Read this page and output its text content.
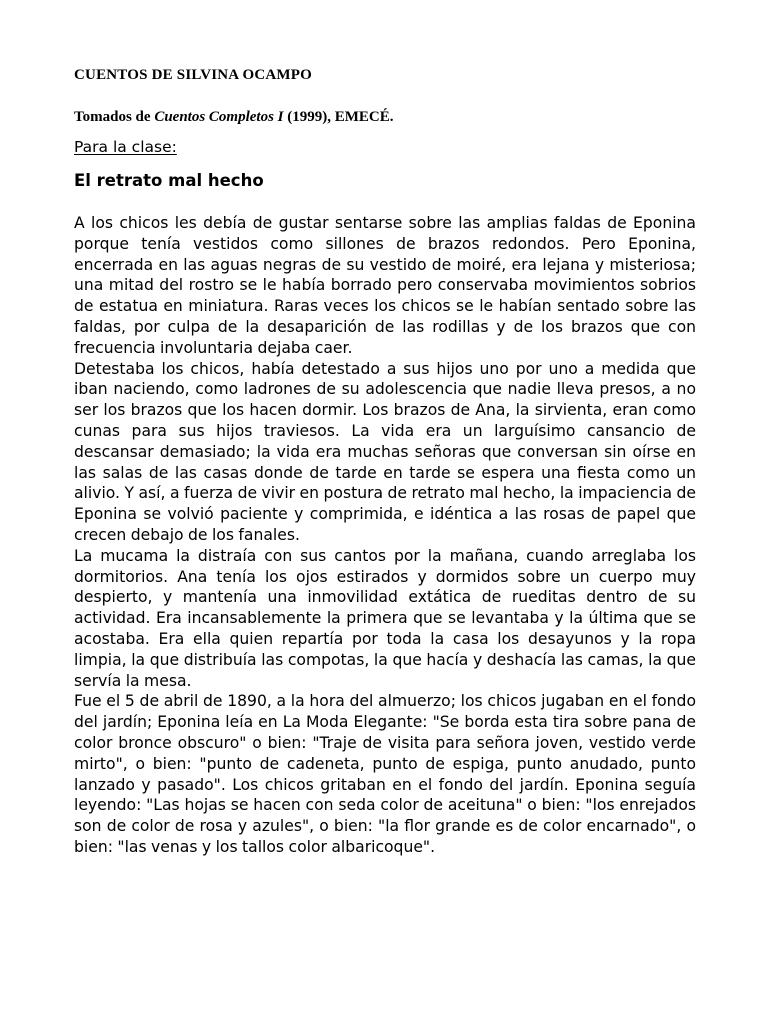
CUENTOS DE SILVINA OCAMPO

Tomados de Cuentos Completos I (1999), EMECÉ.

Para la clase:

El retrato mal hecho

A los chicos les debía de gustar sentarse sobre las amplias faldas de Eponina porque tenía vestidos como sillones de brazos redondos. Pero Eponina, encerrada en las aguas negras de su vestido de moiré, era lejana y misteriosa; una mitad del rostro se le había borrado pero conservaba movimientos sobrios de estatua en miniatura. Raras veces los chicos se le habían sentado sobre las faldas, por culpa de la desaparición de las rodillas y de los brazos que con frecuencia involuntaria dejaba caer.

Detestaba los chicos, había detestado a sus hijos uno por uno a medida que iban naciendo, como ladrones de su adolescencia que nadie lleva presos, a no ser los brazos que los hacen dormir. Los brazos de Ana, la sirvienta, eran como cunas para sus hijos traviesos. La vida era un larguísimo cansancio de descansar demasiado; la vida era muchas señoras que conversan sin oírse en las salas de las casas donde de tarde en tarde se espera una fiesta como un alivio. Y así, a fuerza de vivir en postura de retrato mal hecho, la impaciencia de Eponina se volvió paciente y comprimida, e idéntica a las rosas de papel que crecen debajo de los fanales.

La mucama la distraía con sus cantos por la mañana, cuando arreglaba los dormitorios. Ana tenía los ojos estirados y dormidos sobre un cuerpo muy despierto, y mantenía una inmovilidad extática de rueditas dentro de su actividad. Era incansablemente la primera que se levantaba y la última que se acostaba. Era ella quien repartía por toda la casa los desayunos y la ropa limpia, la que distribuía las compotas, la que hacía y deshacía las camas, la que servía la mesa.

Fue el 5 de abril de 1890, a la hora del almuerzo; los chicos jugaban en el fondo del jardín; Eponina leía en La Moda Elegante: "Se borda esta tira sobre pana de color bronce obscuro" o bien: "Traje de visita para señora joven, vestido verde mirto", o bien: "punto de cadeneta, punto de espiga, punto anudado, punto lanzado y pasado". Los chicos gritaban en el fondo del jardín. Eponina seguía leyendo: "Las hojas se hacen con seda color de aceituna" o bien: "los enrejados son de color de rosa y azules", o bien: "la flor grande es de color encarnado", o bien: "las venas y los tallos color albaricoque".
